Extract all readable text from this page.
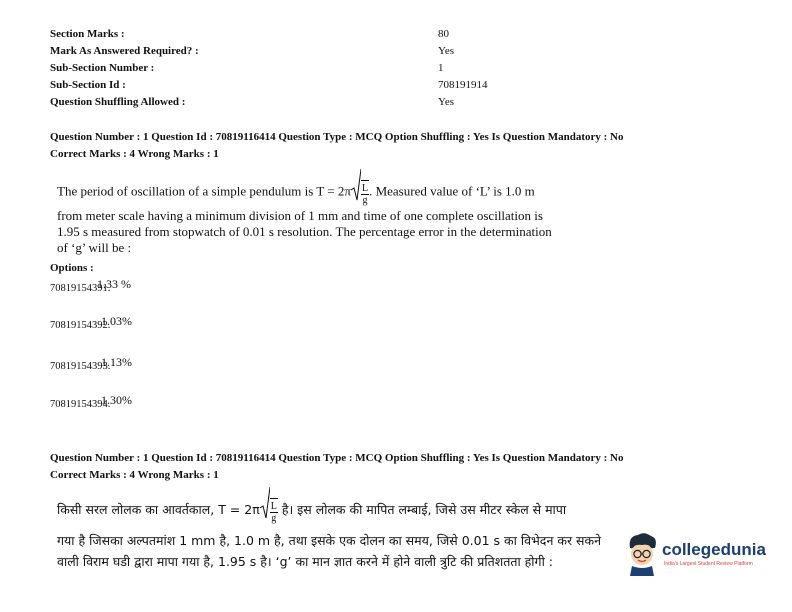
Section Marks :	80
Mark As Answered Required? :	Yes
Sub-Section Number :	1
Sub-Section Id :	708191914
Question Shuffling Allowed :	Yes
Question Number : 1 Question Id : 70819116414 Question Type : MCQ Option Shuffling : Yes Is Question Mandatory : No
Correct Marks : 4 Wrong Marks : 1
The period of oscillation of a simple pendulum is $T = 2\pi \frac{L}{g}$ . Measured value of ‘L’ is 1.0 m
from meter scale having a minimum division of 1 mm and time of one complete oscillation is
1.95 s measured from stopwatch of 0.01 s resolution. The percentage error in the determination
of ‘g’ will be :
Options :
70819154391.
1.33 %
70819154392.
1.03%
70819154393.
1.13%
70819154394.
1.30%
Question Number : 1 Question Id : 70819116414 Question Type : MCQ Option Shuffling : Yes Is Question Mandatory : No
Correct Marks : 4 Wrong Marks : 1
किसी सरल लोलक का आवर्तकाल, $T = 2\pi \frac{L}{g}$ है। इस लोलक की मापित लम्बाई, जिसे उस मीटर स्केल से मापा
गया है जिसका अल्पतमांश 1 mm है, 1.0 m है, तथा इसके एक दोलन का समय, जिसे 0.01 s का विभेदन कर सकने
वाली विराम घडी द्वारा मापा गया है, 1.95 s है। ‘g’ का मान ज्ञात करने में होने वाली त्रुटि की प्रतिशतता होगी :
collegedunia
India's Largest Student Review Platform
